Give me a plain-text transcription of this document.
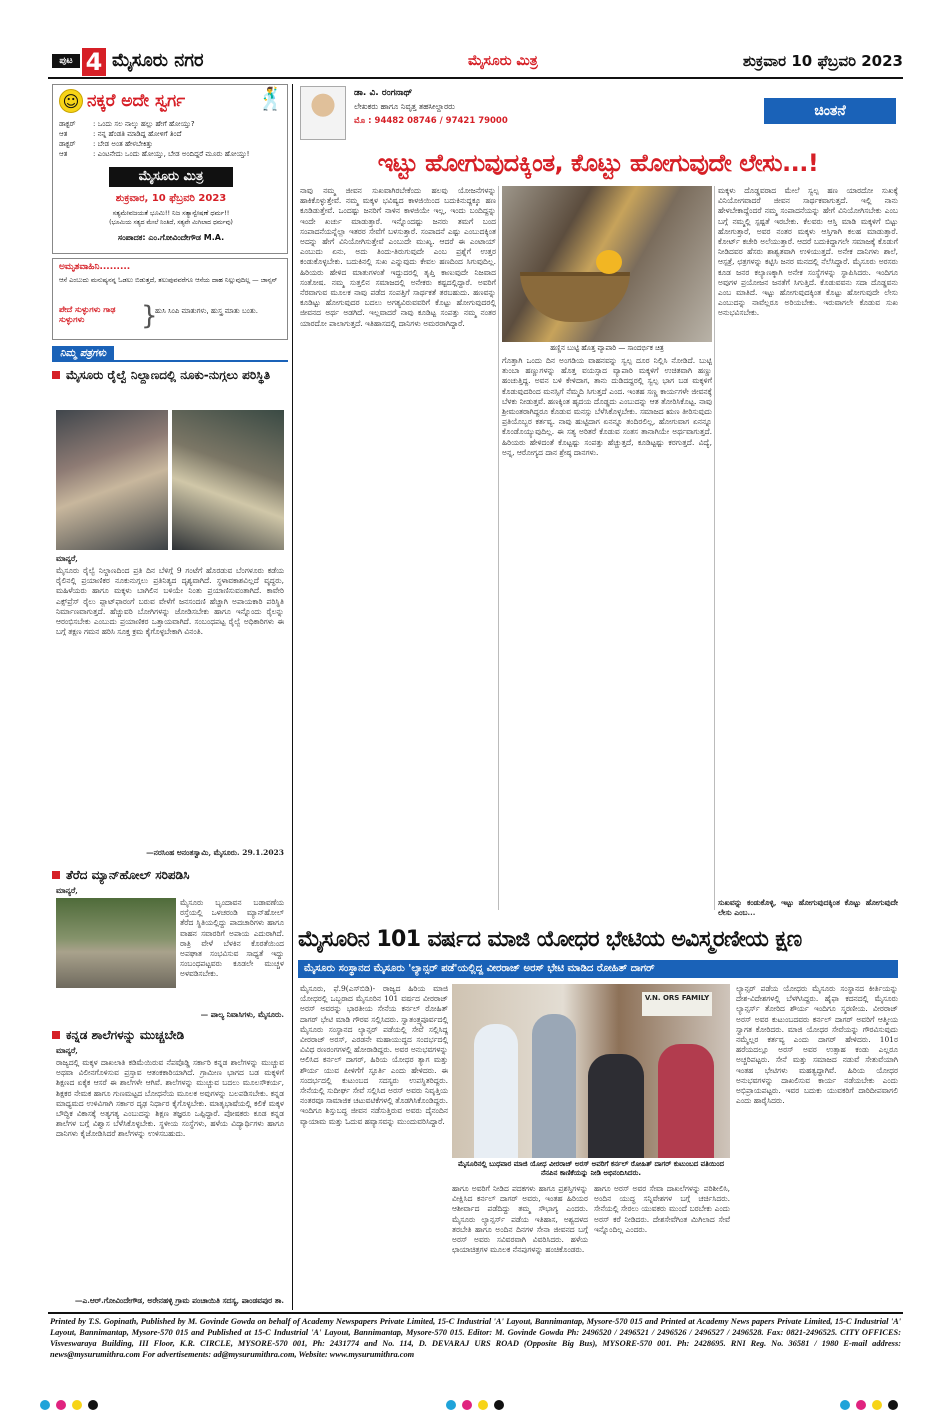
ಪುಟ 4 ಮೈಸೂರು ನಗರ	ಮೈಸೂರು ಮಿತ್ರ	ಶುಕ್ರವಾರ 10 ಫೆಬ್ರವರಿ 2023
☺ ನಕ್ಕರೆ ಅದೇ ಸ್ವರ್ಗ	🕺
ಡಾಕ್ಟರ್ : ಒಂದು ಸಲ ನಾಲ್ಕು ಹಲ್ಲು ಹೇಗೆ ಹೋಯ್ತು?
ಆತ	: ನನ್ನ ಹೆಂಡತಿ ಮಾಡಿದ್ದ ಹೋಳಿಗೆ ತಿಂದೆ
ಡಾಕ್ಟರ್ : ಬೇಡ ಅಂತ ಹೇಳಬೇಕಿತ್ತು
ಆತ	: ಎಂಟನೇದು ಒಂದು ಹೋಯ್ತು, ಬೇಡ ಅಂದಿದ್ದರೆ ಮೂರು ಹೋಯ್ತು!
ಮೈಸೂರು ಮಿತ್ರ
ಶುಕ್ರವಾರ, 10 ಫೆಬ್ರವರಿ 2023
ಸತ್ಯಮೇವಜಯತೆ ಭೂಮಿ!! ನಿಜ ಸತ್ಯಾನ್ವೇಷಣೆ ಧರ್ಮ!!
(ಭೂಮಿಯ ಸತ್ಯದ ಮೇಲೆ ನಿಂತಿದೆ, ಸತ್ಯವೇ ಮಿಗಿಲಾದ ಧರ್ಮವು)
ಸಂಪಾದಕ: ಎಂ.ಗೋವಿಂದೇಗೌಡ M.A.
ಅಮೃತವಾಹಿನಿ.........
ಆಸೆ ಎಂಬುದು ಮನುಷ್ಯನನ್ನ ಓಡಲು ಬಿಡುತ್ತದೆ, ತಲುಪುವವರೆಗೂ ಆಸೆಯ ದಾಹ ನಿಲ್ಲುವುದಿಲ್ಲ — ಜಾನ್ಸನ್
ಪೇದೆ ಸುಳ್ಳುಗಳು ಗಾಢ ಸುಳ್ಳುಗಳು	}
ಹುಸಿ ಸಿಂಪಿ ಮಾತುಗಳು, ಹುಸ್ತ್ರ ಮಾತು ಬಂತು.
ನಿಮ್ಮ ಪತ್ರಗಳು
ಮೈಸೂರು ರೈಲ್ವೆ ನಿಲ್ದಾಣದಲ್ಲಿ ನೂಕು-ನುಗ್ಗಲು ಪರಿಸ್ಥಿತಿ
ಮಾನ್ಯರೆ,
ಮೈಸೂರು ರೈಲ್ವೆ ನಿಲ್ದಾಣದಿಂದ ಪ್ರತಿ ದಿನ ಬೆಳಿಗ್ಗೆ 9 ಗಂಟೆಗೆ ಹೊರಡುವ ಬೆಂಗಳೂರು ಕಡೆಯ ರೈಲಿನಲ್ಲಿ ಪ್ರಯಾಣಿಕರ ನೂಕುನುಗ್ಗಲು ಪ್ರತಿನಿತ್ಯದ ದೃಶ್ಯವಾಗಿದೆ. ಸ್ಥಳಾವಕಾಶವಿಲ್ಲದೆ ವೃದ್ಧರು, ಮಹಿಳೆಯರು ಹಾಗೂ ಮಕ್ಕಳು ಬಾಗಿಲಿನ ಬಳಿಯೇ ನಿಂತು ಪ್ರಯಾಣಿಸುವಂತಾಗಿದೆ. ಕಾವೇರಿ ಎಕ್ಸ್‌ಪ್ರೆಸ್ ರೈಲು ಪ್ಲಾಟ್‌ಫಾರಂಗೆ ಬರುವ ವೇಳೆಗೆ ಜನಸಂದಣಿ ಹೆಚ್ಚಾಗಿ ಅಪಾಯಕಾರಿ ಪರಿಸ್ಥಿತಿ ನಿರ್ಮಾಣವಾಗುತ್ತದೆ. ಹೆಚ್ಚುವರಿ ಬೋಗಿಗಳನ್ನು ಜೋಡಿಸಬೇಕು ಹಾಗೂ ಇನ್ನೊಂದು ರೈಲನ್ನು ಆರಂಭಿಸಬೇಕು ಎಂಬುದು ಪ್ರಯಾಣಿಕರ ಒತ್ತಾಯವಾಗಿದೆ. ಸಂಬಂಧಪಟ್ಟ ರೈಲ್ವೆ ಅಧಿಕಾರಿಗಳು ಈ ಬಗ್ಗೆ ತಕ್ಷಣ ಗಮನ ಹರಿಸಿ ಸೂಕ್ತ ಕ್ರಮ ಕೈಗೊಳ್ಳಬೇಕಾಗಿ ವಿನಂತಿ.
—ನರಸಿಂಹ ಅನಂತಸ್ವಾಮಿ, ಮೈಸೂರು. 29.1.2023
ತೆರೆದ ಮ್ಯಾನ್‌ಹೋಲ್ ಸರಿಪಡಿಸಿ
ಮಾನ್ಯರೆ,
ಮೈಸೂರು ಬೃಂದಾವನ ಬಡಾವಣೆಯ ರಸ್ತೆಯಲ್ಲಿ ಒಳಚರಂಡಿ ಮ್ಯಾನ್‌ಹೋಲ್ ತೆರೆದ ಸ್ಥಿತಿಯಲ್ಲಿದ್ದು ಪಾದಚಾರಿಗಳು ಹಾಗೂ ವಾಹನ ಸವಾರರಿಗೆ ಅಪಾಯ ಎದುರಾಗಿದೆ. ರಾತ್ರಿ ವೇಳೆ ಬೆಳಕಿನ ಕೊರತೆಯಿಂದ ಅಪಘಾತ ಸಂಭವಿಸುವ ಸಾಧ್ಯತೆ ಇದ್ದು ಸಂಬಂಧಪಟ್ಟವರು ಕೂಡಲೇ ಮುಚ್ಚಳ ಅಳವಡಿಸಬೇಕು.
— ಪಾಲ್ಯ ನಿವಾಸಿಗಳು, ಮೈಸೂರು.
ಕನ್ನಡ ಶಾಲೆಗಳನ್ನು ಮುಚ್ಚಬೇಡಿ
ಮಾನ್ಯರೆ,
ರಾಜ್ಯದಲ್ಲಿ ಮಕ್ಕಳ ದಾಖಲಾತಿ ಕಡಿಮೆಯಿರುವ ನೆಪವೊಡ್ಡಿ ಸರ್ಕಾರಿ ಕನ್ನಡ ಶಾಲೆಗಳನ್ನು ಮುಚ್ಚುವ ಅಥವಾ ವಿಲೀನಗೊಳಿಸುವ ಪ್ರಸ್ತಾವ ಆತಂಕಕಾರಿಯಾಗಿದೆ. ಗ್ರಾಮೀಣ ಭಾಗದ ಬಡ ಮಕ್ಕಳಿಗೆ ಶಿಕ್ಷಣದ ಏಕೈಕ ಆಸರೆ ಈ ಶಾಲೆಗಳೇ ಆಗಿವೆ. ಶಾಲೆಗಳನ್ನು ಮುಚ್ಚುವ ಬದಲು ಮೂಲಸೌಕರ್ಯ, ಶಿಕ್ಷಕರ ನೇಮಕ ಹಾಗೂ ಗುಣಮಟ್ಟದ ಬೋಧನೆಯ ಮೂಲಕ ಅವುಗಳನ್ನು ಬಲಪಡಿಸಬೇಕು. ಕನ್ನಡ ಮಾಧ್ಯಮದ ಉಳಿವಿಗಾಗಿ ಸರ್ಕಾರ ದೃಢ ನಿರ್ಧಾರ ಕೈಗೊಳ್ಳಬೇಕು. ಮಾತೃಭಾಷೆಯಲ್ಲಿ ಕಲಿಕೆ ಮಕ್ಕಳ ಬೌದ್ಧಿಕ ವಿಕಾಸಕ್ಕೆ ಅತ್ಯಗತ್ಯ ಎಂಬುದನ್ನು ಶಿಕ್ಷಣ ತಜ್ಞರೂ ಒಪ್ಪಿದ್ದಾರೆ. ಪೋಷಕರು ಕೂಡ ಕನ್ನಡ ಶಾಲೆಗಳ ಬಗ್ಗೆ ವಿಶ್ವಾಸ ಬೆಳೆಸಿಕೊಳ್ಳಬೇಕು. ಸ್ಥಳೀಯ ಸಂಸ್ಥೆಗಳು, ಹಳೆಯ ವಿದ್ಯಾರ್ಥಿಗಳು ಹಾಗೂ ದಾನಿಗಳು ಕೈಜೋಡಿಸಿದರೆ ಶಾಲೆಗಳನ್ನು ಉಳಿಸಬಹುದು.
—ಎ.ಆರ್.ಗೋವಿಂದೇಗೌಡ, ಅರೇನಹಳ್ಳಿ ಗ್ರಾಮ ಪಂಚಾಯಿತಿ ಸದಸ್ಯ, ಪಾಂಡವಪುರ ತಾ.
ಡಾ. ವಿ. ರಂಗನಾಥ್
ಲೇಖಕರು ಹಾಗೂ ನಿವೃತ್ತ ತಹಸೀಲ್ದಾರರು
ಮೊ : 94482 08746 / 97421 79000
ಚಿಂತನೆ
ಇಟ್ಟು ಹೋಗುವುದಕ್ಕಿಂತ, ಕೊಟ್ಟು ಹೋಗುವುದೇ ಲೇಸು...!
ನಾವು ನಮ್ಮ ಜೀವನ ಸುಖವಾಗಿರಬೇಕೆಂದು ಹಲವು ಯೋಜನೆಗಳನ್ನು ಹಾಕಿಕೊಳ್ಳುತ್ತೇವೆ. ನಮ್ಮ ಮಕ್ಕಳ ಭವಿಷ್ಯದ ಕಾಳಜಿಯಿಂದ ಬದುಕಿನುದ್ದಕ್ಕೂ ಹಣ ಕೂಡಿಡುತ್ತೇವೆ. ಒಂದಷ್ಟು ಜನರಿಗೆ ನಾಳಿನ ಕಾಳಜಿಯೇ ಇಲ್ಲ, ಇಂದು ಬಂದಿದ್ದನ್ನು ಇಂದೇ ಖರ್ಚು ಮಾಡುತ್ತಾರೆ. ಇನ್ನೊಂದಷ್ಟು ಜನರು ತಮಗೆ ಬಂದ ಸಂಪಾದನೆಯನ್ನೆಲ್ಲಾ ಇತರರ ಸೇವೆಗೆ ಬಳಸುತ್ತಾರೆ. ಸಂಪಾದನೆ ಎಷ್ಟು ಎಂಬುದಕ್ಕಿಂತ ಅದನ್ನು ಹೇಗೆ ವಿನಿಯೋಗಿಸುತ್ತೇವೆ ಎಂಬುದೇ ಮುಖ್ಯ. ಆದರೆ ಈ ಎಂಟಾಯ್ ಎಂಬುದು ಏನು, ಅದು ತಿಂದು-ತಿರುಗುವುದೇ ಎಂಬ ಪ್ರಶ್ನೆಗೆ ಉತ್ತರ ಕಂಡುಕೊಳ್ಳಬೇಕು. ಬದುಕಿನಲ್ಲಿ ಸುಖ ಎನ್ನುವುದು ಕೇವಲ ಹಣದಿಂದ ಸಿಗುವುದಿಲ್ಲ. ಹಿರಿಯರು ಹೇಳಿದ ಮಾತುಗಳಂತೆ ಇದ್ದುದರಲ್ಲಿ ತೃಪ್ತಿ ಕಾಣುವುದೇ ನಿಜವಾದ ಸಂತೋಷ. ನಮ್ಮ ಸುತ್ತಲಿನ ಸಮಾಜದಲ್ಲಿ ಅನೇಕರು ಕಷ್ಟದಲ್ಲಿದ್ದಾರೆ. ಅವರಿಗೆ ನೆರವಾಗುವ ಮೂಲಕ ನಾವು ಪಡೆದ ಸಂಪತ್ತಿಗೆ ಸಾರ್ಥಕತೆ ತರಬಹುದು. ಹಣವನ್ನು ಕೂಡಿಟ್ಟು ಹೋಗುವುದರ ಬದಲು ಅಗತ್ಯವಿರುವವರಿಗೆ ಕೊಟ್ಟು ಹೋಗುವುದರಲ್ಲಿ ಜೀವನದ ಅರ್ಥ ಅಡಗಿದೆ. ಇಲ್ಲವಾದರೆ ನಾವು ಕೂಡಿಟ್ಟ ಸಂಪತ್ತು ನಮ್ಮ ನಂತರ ಯಾರದೋ ಪಾಲಾಗುತ್ತದೆ. ಇತಿಹಾಸದಲ್ಲಿ ದಾನಿಗಳು ಅಮರರಾಗಿದ್ದಾರೆ.
ಹಣ್ಣಿನ ಬುಟ್ಟಿ ಹೊತ್ತ ವ್ಯಾಪಾರಿ — ಸಾಂದರ್ಭಿಕ ಚಿತ್ರ
ಗೊತ್ತಾಗಿ ಒಂದು ದಿನ ಅಂಗಡಿಯ ವಾಹನವನ್ನು ಸ್ವಲ್ಪ ದೂರ ನಿಲ್ಲಿಸಿ ನೋಡಿದೆ. ಬುಟ್ಟಿ ತುಂಬಾ ಹಣ್ಣುಗಳನ್ನು ಹೊತ್ತ ವಯಸ್ಸಾದ ವ್ಯಾಪಾರಿ ಮಕ್ಕಳಿಗೆ ಉಚಿತವಾಗಿ ಹಣ್ಣು ಹಂಚುತ್ತಿದ್ದ. ಅವನ ಬಳಿ ಕೇಳಿದಾಗ, ತಾನು ದುಡಿದದ್ದರಲ್ಲಿ ಸ್ವಲ್ಪ ಭಾಗ ಬಡ ಮಕ್ಕಳಿಗೆ ಕೊಡುವುದರಿಂದ ಮನಸ್ಸಿಗೆ ನೆಮ್ಮದಿ ಸಿಗುತ್ತದೆ ಎಂದ. ಇಂತಹ ಸಣ್ಣ ಕಾರ್ಯಗಳೇ ಜೀವನಕ್ಕೆ ಬೆಳಕು ನೀಡುತ್ತವೆ. ಹಣಕ್ಕಿಂತ ಹೃದಯ ದೊಡ್ಡದು ಎಂಬುದನ್ನು ಆತ ತೋರಿಸಿಕೊಟ್ಟ. ನಾವು ಶ್ರೀಮಂತರಾಗಿದ್ದರೂ ಕೊಡುವ ಮನಸ್ಸು ಬೆಳೆಸಿಕೊಳ್ಳಬೇಕು. ಸಮಾಜದ ಋಣ ತೀರಿಸುವುದು ಪ್ರತಿಯೊಬ್ಬರ ಕರ್ತವ್ಯ. ನಾವು ಹುಟ್ಟಿದಾಗ ಏನನ್ನೂ ತಂದಿರಲಿಲ್ಲ, ಹೋಗುವಾಗ ಏನನ್ನೂ ಕೊಂಡೊಯ್ಯುವುದಿಲ್ಲ. ಈ ಸತ್ಯ ಅರಿತರೆ ಕೊಡುವ ಸಂತಸ ತಾನಾಗಿಯೇ ಅರ್ಥವಾಗುತ್ತದೆ. ಹಿರಿಯರು ಹೇಳಿದಂತೆ ಕೊಟ್ಟಷ್ಟು ಸಂಪತ್ತು ಹೆಚ್ಚುತ್ತದೆ, ಕೂಡಿಟ್ಟಷ್ಟು ಕರಗುತ್ತದೆ. ವಿದ್ಯೆ, ಅನ್ನ, ಆರೋಗ್ಯದ ದಾನ ಶ್ರೇಷ್ಠ ದಾನಗಳು.
ಮಕ್ಕಳು ದೊಡ್ಡವರಾದ ಮೇಲೆ ಸ್ವಲ್ಪ ಹಣ ಯಾರದೋ ಸುಖಕ್ಕೆ ವಿನಿಯೋಗವಾದರೆ ಜೀವನ ಸಾರ್ಥಕವಾಗುತ್ತದೆ. ಇಲ್ಲಿ ನಾನು ಹೇಳಬೇಕಾದ್ದೆಂದರೆ ನಮ್ಮ ಸಂಪಾದನೆಯನ್ನು ಹೇಗೆ ವಿನಿಯೋಗಿಸಬೇಕು ಎಂಬ ಬಗ್ಗೆ ನಮ್ಮಲ್ಲಿ ಸ್ಪಷ್ಟತೆ ಇರಬೇಕು. ಕೆಲವರು ಆಸ್ತಿ ಮಾಡಿ ಮಕ್ಕಳಿಗೆ ಬಿಟ್ಟು ಹೋಗುತ್ತಾರೆ, ಅವರ ನಂತರ ಮಕ್ಕಳು ಆಸ್ತಿಗಾಗಿ ಕಲಹ ಮಾಡುತ್ತಾರೆ. ಕೋರ್ಟ್ ಕಚೇರಿ ಅಲೆಯುತ್ತಾರೆ. ಆದರೆ ಬದುಕಿದ್ದಾಗಲೇ ಸಮಾಜಕ್ಕೆ ಕೊಡುಗೆ ನೀಡಿದವರ ಹೆಸರು ಶಾಶ್ವತವಾಗಿ ಉಳಿಯುತ್ತದೆ. ಅನೇಕ ದಾನಿಗಳು ಶಾಲೆ, ಆಸ್ಪತ್ರೆ, ಛತ್ರಗಳನ್ನು ಕಟ್ಟಿಸಿ ಜನರ ಮನದಲ್ಲಿ ನೆಲೆಸಿದ್ದಾರೆ. ಮೈಸೂರು ಅರಸರು ಕೂಡ ಜನರ ಕಲ್ಯಾಣಕ್ಕಾಗಿ ಅನೇಕ ಸಂಸ್ಥೆಗಳನ್ನು ಸ್ಥಾಪಿಸಿದರು. ಇಂದಿಗೂ ಅವುಗಳ ಪ್ರಯೋಜನ ಜನತೆಗೆ ಸಿಗುತ್ತಿದೆ. ಕೊಡುವವನು ಸದಾ ದೊಡ್ಡವನು ಎಂಬ ಮಾತಿದೆ. ಇಟ್ಟು ಹೋಗುವುದಕ್ಕಿಂತ ಕೊಟ್ಟು ಹೋಗುವುದೇ ಲೇಸು ಎಂಬುದನ್ನು ನಾವೆಲ್ಲರೂ ಅರಿಯಬೇಕು. ಇರುವಾಗಲೇ ಕೊಡುವ ಸುಖ ಅನುಭವಿಸಬೇಕು.
ಸುಖವನ್ನು ಕಂಡುಕೊಳ್ಳಿ, ಇಟ್ಟು ಹೋಗುವುದಕ್ಕಿಂತ ಕೊಟ್ಟು ಹೋಗುವುದೇ ಲೇಸು ಎಂಬ...
ಮೈಸೂರಿನ 101 ವರ್ಷದ ಮಾಜಿ ಯೋಧರ ಭೇಟಿಯ ಅವಿಸ್ಮರಣೀಯ ಕ್ಷಣ
ಮೈಸೂರು ಸಂಸ್ಥಾನದ ಮೈಸೂರು 'ಲ್ಯಾನ್ಸರ್ ಪಡೆ'ಯಲ್ಲಿದ್ದ ವೀರರಾಜ್ ಅರಸ್ ಭೇಟಿ ಮಾಡಿದ ರೋಹಿತ್ ದಾಗರ್
ಮೈಸೂರು, ಫೆ.9(ಎಸ್‌ಬಿಡಿ)- ರಾಜ್ಯದ ಹಿರಿಯ ಮಾಜಿ ಯೋಧರಲ್ಲಿ ಒಬ್ಬರಾದ ಮೈಸೂರಿನ 101 ವರ್ಷದ ವೀರರಾಜ್ ಅರಸ್ ಅವರನ್ನು ಭಾರತೀಯ ಸೇನೆಯ ಕರ್ನಲ್ ರೋಹಿತ್ ದಾಗರ್ ಭೇಟಿ ಮಾಡಿ ಗೌರವ ಸಲ್ಲಿಸಿದರು. ಸ್ವಾತಂತ್ರ್ಯಪೂರ್ವದಲ್ಲಿ ಮೈಸೂರು ಸಂಸ್ಥಾನದ ಲ್ಯಾನ್ಸರ್ ಪಡೆಯಲ್ಲಿ ಸೇವೆ ಸಲ್ಲಿಸಿದ್ದ ವೀರರಾಜ್ ಅರಸ್, ಎರಡನೇ ಮಹಾಯುದ್ಧದ ಸಂದರ್ಭದಲ್ಲಿ ವಿವಿಧ ರಣರಂಗಗಳಲ್ಲಿ ಹೋರಾಡಿದ್ದರು. ಅವರ ಅನುಭವಗಳನ್ನು ಆಲಿಸಿದ ಕರ್ನಲ್ ದಾಗರ್, ಹಿರಿಯ ಯೋಧರ ತ್ಯಾಗ ಮತ್ತು ಶೌರ್ಯ ಯುವ ಪೀಳಿಗೆಗೆ ಸ್ಫೂರ್ತಿ ಎಂದು ಹೇಳಿದರು. ಈ ಸಂದರ್ಭದಲ್ಲಿ ಕುಟುಂಬದ ಸದಸ್ಯರು ಉಪಸ್ಥಿತರಿದ್ದರು. ಸೇನೆಯಲ್ಲಿ ಸುದೀರ್ಘ ಸೇವೆ ಸಲ್ಲಿಸಿದ ಅರಸ್ ಅವರು ನಿವೃತ್ತಿಯ ನಂತರವೂ ಸಾಮಾಜಿಕ ಚಟುವಟಿಕೆಗಳಲ್ಲಿ ತೊಡಗಿಸಿಕೊಂಡಿದ್ದರು. ಇಂದಿಗೂ ಶಿಸ್ತುಬದ್ಧ ಜೀವನ ನಡೆಸುತ್ತಿರುವ ಅವರು ದೈನಂದಿನ ವ್ಯಾಯಾಮ ಮತ್ತು ಓದುವ ಹವ್ಯಾಸವನ್ನು ಮುಂದುವರಿಸಿದ್ದಾರೆ.
V.N. ORS FAMILY
ಮೈಸೂರಿನಲ್ಲಿ ಬುಧವಾರ ಮಾಜಿ ಯೋಧ ವೀರರಾಜ್ ಅರಸ್ ಅವರಿಗೆ ಕರ್ನಲ್ ರೋಹಿತ್ ದಾಗರ್ ಕುಟುಂಬದ ವತಿಯಿಂದ ನೆನಪಿನ ಕಾಣಿಕೆಯನ್ನು ನೀಡಿ ಅಭಿನಂದಿಸಿದರು.
ಹಾಗೂ ಅವರಿಗೆ ನೀಡಿದ ಪದಕಗಳು ಹಾಗೂ ಪ್ರಶಸ್ತಿಗಳನ್ನು ವೀಕ್ಷಿಸಿದ ಕರ್ನಲ್ ದಾಗರ್ ಅವರು, ಇಂತಹ ಹಿರಿಯರ ಆಶೀರ್ವಾದ ಪಡೆದಿದ್ದು ತಮ್ಮ ಸೌಭಾಗ್ಯ ಎಂದರು. ಮೈಸೂರು ಲ್ಯಾನ್ಸರ್ಸ್ ಪಡೆಯ ಇತಿಹಾಸ, ಅಶ್ವದಳದ ತರಬೇತಿ ಹಾಗೂ ಅಂದಿನ ದಿನಗಳ ಸೇನಾ ಜೀವನದ ಬಗ್ಗೆ ಅರಸ್ ಅವರು ಸವಿವರವಾಗಿ ವಿವರಿಸಿದರು. ಹಳೆಯ ಛಾಯಾಚಿತ್ರಗಳ ಮೂಲಕ ನೆನಪುಗಳನ್ನು ಹಂಚಿಕೊಂಡರು.
ಹಾಗೂ ಅರಸ್ ಅವರ ಸೇವಾ ದಾಖಲೆಗಳನ್ನು ಪರಿಶೀಲಿಸಿ, ಅಂದಿನ ಯುದ್ಧ ಸನ್ನಿವೇಶಗಳ ಬಗ್ಗೆ ಚರ್ಚಿಸಿದರು. ಸೇನೆಯಲ್ಲಿ ಸೇರಲು ಯುವಕರು ಮುಂದೆ ಬರಬೇಕು ಎಂದು ಅರಸ್ ಕರೆ ನೀಡಿದರು. ದೇಶಸೇವೆಗಿಂತ ಮಿಗಿಲಾದ ಸೇವೆ ಇನ್ನೊಂದಿಲ್ಲ ಎಂದರು.
ಲ್ಯಾನ್ಸರ್ ಪಡೆಯ ಯೋಧರು ಮೈಸೂರು ಸಂಸ್ಥಾನದ ಕೀರ್ತಿಯನ್ನು ದೇಶ-ವಿದೇಶಗಳಲ್ಲಿ ಬೆಳಗಿಸಿದ್ದರು. ಹೈಫಾ ಕದನದಲ್ಲಿ ಮೈಸೂರು ಲ್ಯಾನ್ಸರ್ಸ್ ತೋರಿದ ಶೌರ್ಯ ಇಂದಿಗೂ ಸ್ಮರಣೀಯ. ವೀರರಾಜ್ ಅರಸ್ ಅವರ ಕುಟುಂಬದವರು ಕರ್ನಲ್ ದಾಗರ್ ಅವರಿಗೆ ಆತ್ಮೀಯ ಸ್ವಾಗತ ಕೋರಿದರು. ಮಾಜಿ ಯೋಧರ ಸೇವೆಯನ್ನು ಗೌರವಿಸುವುದು ನಮ್ಮೆಲ್ಲರ ಕರ್ತವ್ಯ ಎಂದು ದಾಗರ್ ಹೇಳಿದರು. 101ರ ಹರೆಯದಲ್ಲೂ ಅರಸ್ ಅವರ ಉತ್ಸಾಹ ಕಂಡು ಎಲ್ಲರೂ ಅಚ್ಚರಿಪಟ್ಟರು. ಸೇನೆ ಮತ್ತು ಸಮಾಜದ ನಡುವೆ ಸೇತುವೆಯಾಗಿ ಇಂತಹ ಭೇಟಿಗಳು ಮಹತ್ವದ್ದಾಗಿವೆ. ಹಿರಿಯ ಯೋಧರ ಅನುಭವಗಳನ್ನು ದಾಖಲಿಸುವ ಕಾರ್ಯ ನಡೆಯಬೇಕು ಎಂದು ಅಭಿಪ್ರಾಯಪಟ್ಟರು. ಇವರ ಬದುಕು ಯುವಕರಿಗೆ ದಾರಿದೀಪವಾಗಲಿ ಎಂದು ಹಾರೈಸಿದರು.
Printed by T.S. Gopinath, Published by M. Govinde Gowda on behalf of Academy Newspapers Private Limited, 15-C Industrial 'A' Layout, Bannimantap, Mysore-570 015 and Printed at Academy News papers Private Limited, 15-C Industrial 'A' Layout, Bannimantap, Mysore-570 015 and Published at 15-C Industrial 'A' Layout, Bannimantap, Mysore-570 015. Editor: M. Govinde Gowda Ph: 2496520 / 2496521 / 2496526 / 2496527 / 2496528. Fax: 0821-2496525. CITY OFFICES: Visveswaraya Building, III Floor, K.R. CIRCLE, MYSORE-570 001, Ph: 2431774 and No. 114, D. DEVARAJ URS ROAD (Opposite Big Bus), MYSORE-570 001. Ph: 2428695. RNI Reg. No. 36581 / 1980 E-mail address: news@mysurumithra.com For advertisements: ad@mysurumithra.com, Website: www.mysurumithra.com
